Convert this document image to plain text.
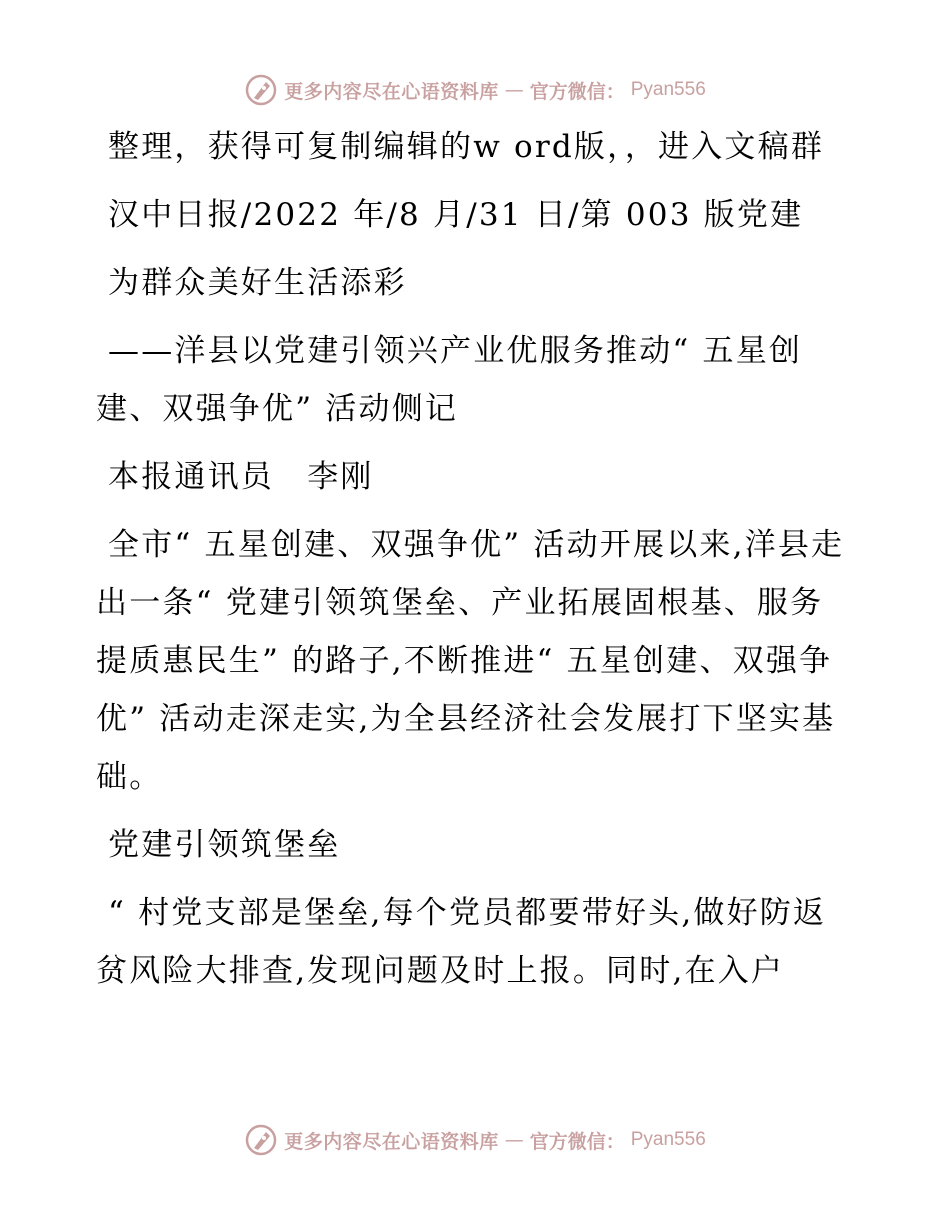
更多内容尽在心语资料库 — 官方微信： Pyan556

整理，获得可复制编辑的w ord版，，进入文稿群

汉中日报/2022 年/8 月/31 日/第 003 版党建

为群众美好生活添彩

——洋县以党建引领兴产业优服务推动“ 五星创建、双强争优” 活动侧记

本报通讯员　李刚

全市“ 五星创建、双强争优” 活动开展以来,洋县走出一条“ 党建引领筑堡垒、产业拓展固根基、服务提质惠民生” 的路子,不断推进“ 五星创建、双强争优” 活动走深走实,为全县经济社会发展打下坚实基础。

党建引领筑堡垒

“ 村党支部是堡垒,每个党员都要带好头,做好防返贫风险大排查,发现问题及时上报。同时,在入户

更多内容尽在心语资料库 — 官方微信： Pyan556
